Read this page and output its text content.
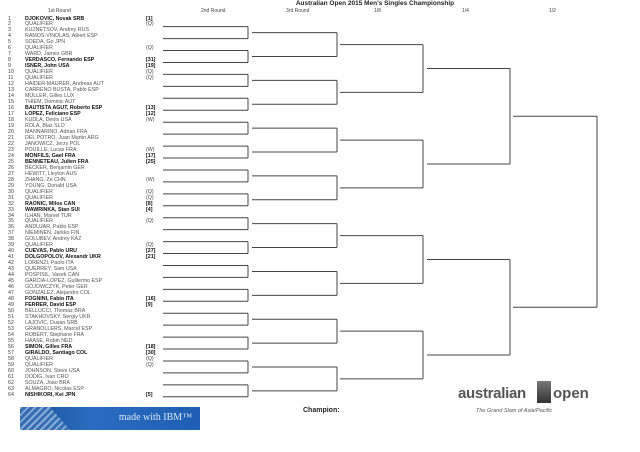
Australian Open 2015 Men's Singles Championship
1st Round	2nd Round	3rd Round	1/8	1/4	1/2
1	DJOKOVIC, Novak SRB	[1]
2	QUALIFIER	(Q)
3	KUZNETSOV, Andrey RUS
4	RAMOS-VINOLAS, Albert ESP
5	SOEDA, Go JPN
6	QUALIFIER	(Q)
7	WARD, James GBR
8	VERDASCO, Fernando ESP	[31]
9	ISNER, John USA	[19]
10	QUALIFIER	(Q)
11	QUALIFIER	(Q)
12	HAIDER-MAURER, Andreas AUT
13	CARRENO BUSTA, Pablo ESP
14	MULLER, Gilles LUX
15	THIEM, Dominic AUT
16	BAUTISTA AGUT, Roberto ESP	[13]
17	LOPEZ, Feliciano ESP	[12]
18	KUDLA, Denis USA	(W)
19	ROLA, Blaz SLO
20	MANNARINO, Adrian FRA
21	DEL POTRO, Juan Martin ARG
22	JANOWICZ, Jerzy POL
23	POUILLE, Lucas FRA	(W)
24	MONFILS, Gael FRA	[17]
25	BENNETEAU, Julien FRA	[25]
26	BECKER, Benjamin GER
27	HEWITT, Lleyton AUS
28	ZHANG, Ze CHN	(W)
29	YOUNG, Donald USA
30	QUALIFIER	(Q)
31	QUALIFIER	(Q)
32	RAONIC, Milos CAN	[8]
33	WAWRINKA, Stan SUI	[4]
34	ILHAN, Marsel TUR
35	QUALIFIER	(Q)
36	ANDUJAR, Pablo ESP
37	NIEMINEN, Jarkko FIN
38	GOLUBEV, Andrey KAZ
39	QUALIFIER	(Q)
40	CUEVAS, Pablo URU	[27]
41	DOLGOPOLOV, Alexandr UKR	[21]
42	LORENZI, Paolo ITA
43	QUERREY, Sam USA
44	POSPISIL, Vasek CAN
45	GARCIA-LOPEZ, Guillermo ESP
46	GOJOWCZYK, Peter GER
47	GONZALEZ, Alejandro COL
48	FOGNINI, Fabio ITA	[16]
49	FERRER, David ESP	[9]
50	BELLUCCI, Thomaz BRA
51	STAKHOVSKY, Sergiy UKR
52	LAJOVIC, Dusan SRB
53	GRANOLLERS, Marcel ESP
54	ROBERT, Stephane FRA
55	HAASE, Robin NED
56	SIMON, Gilles FRA	[18]
57	GIRALDO, Santiago COL	[30]
58	QUALIFIER	(Q)
59	QUALIFIER	(Q)
60	JOHNSON, Steve USA
61	DODIG, Ivan CRO
62	SOUZA, Joao BRA
63	ALMAGRO, Nicolas ESP
64	NISHIKORI, Kei JPN	[5]
made with IBM™
Champion:
australian open
The Grand Slam of Asia/Pacific
